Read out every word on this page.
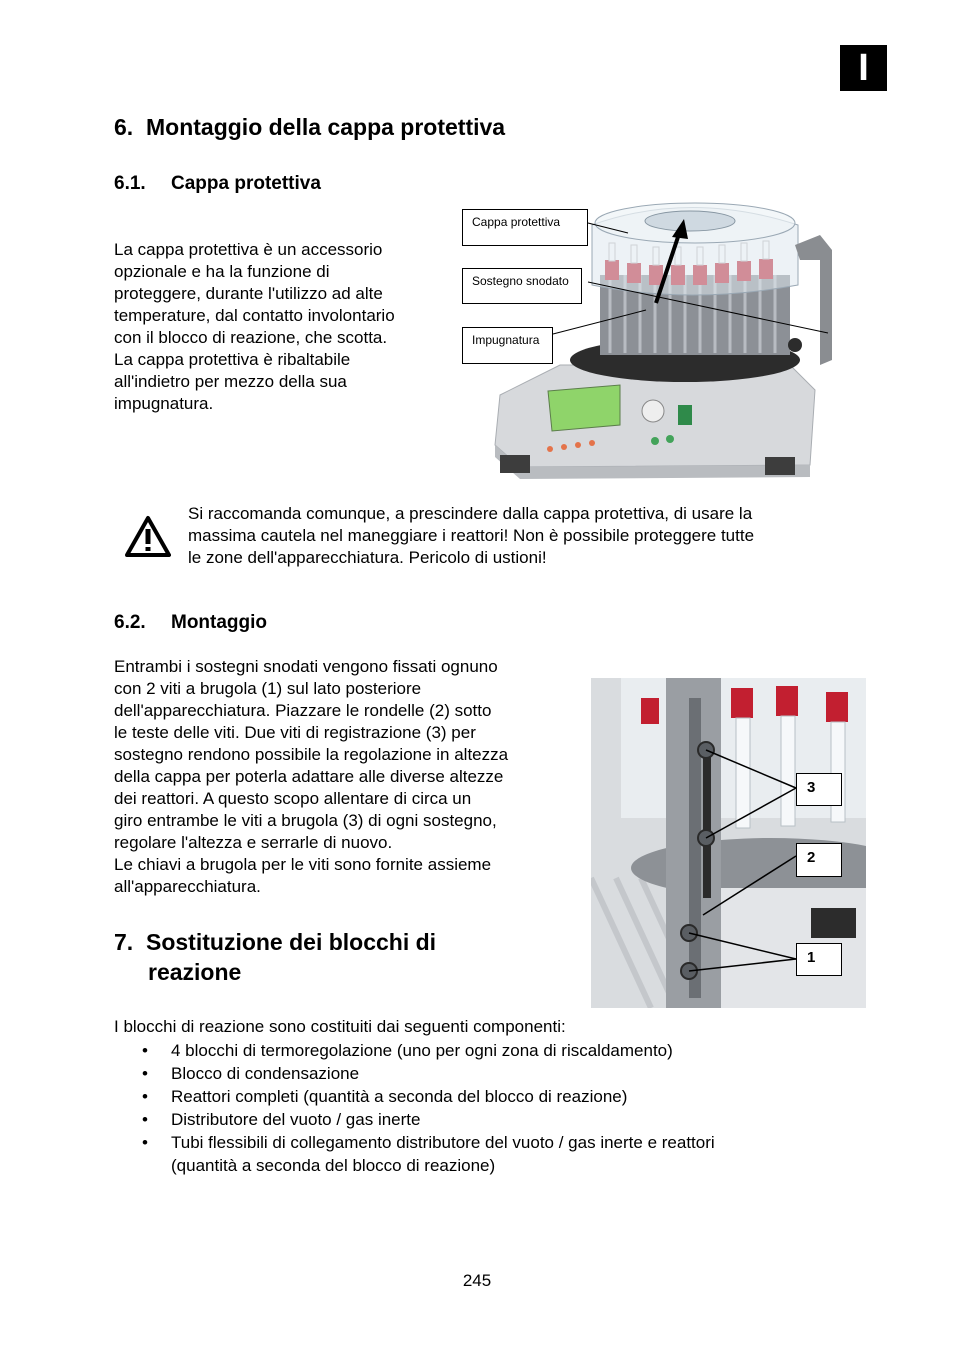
I
6. Montaggio della cappa protettiva
6.1. Cappa protettiva

La cappa protettiva è un accessorio

opzionale e ha la funzione di

proteggere, durante l'utilizzo ad alte

temperature, dal contatto involontario

con il blocco di reazione, che scotta.

La cappa protettiva è ribaltabile

all'indietro per mezzo della sua

impugnatura.

Cappa protettiva
Sostegno snodato
Impugnatura

Si raccomanda comunque, a prescindere dalla cappa protettiva, di usare la

massima cautela nel maneggiare i reattori! Non è possibile proteggere tutte

le zone dell'apparecchiatura. Pericolo di ustioni!

6.2. Montaggio

Entrambi i sostegni snodati vengono fissati ognuno

con 2 viti a brugola (1) sul lato posteriore

dell'apparecchiatura. Piazzare le rondelle (2) sotto

le teste delle viti. Due viti di registrazione (3) per

sostegno rendono possibile la regolazione in altezza

della cappa per poterla adattare alle diverse altezze

dei reattori. A questo scopo allentare di circa un

giro entrambe le viti a brugola (3) di ogni sostegno,

regolare l'altezza e serrarle di nuovo.

Le chiavi a brugola per le viti sono fornite assieme

all'apparecchiatura.

3
2
1
7. Sostituzione dei blocchi di
reazione

I blocchi di reazione sono costituiti dai seguenti componenti:

• 4 blocchi di termoregolazione (uno per ogni zona di riscaldamento)
• Blocco di condensazione
• Reattori completi (quantità a seconda del blocco di reazione)
• Distributore del vuoto / gas inerte
• Tubi flessibili di collegamento distributore del vuoto / gas inerte e reattori
(quantità a seconda del blocco di reazione)
245
